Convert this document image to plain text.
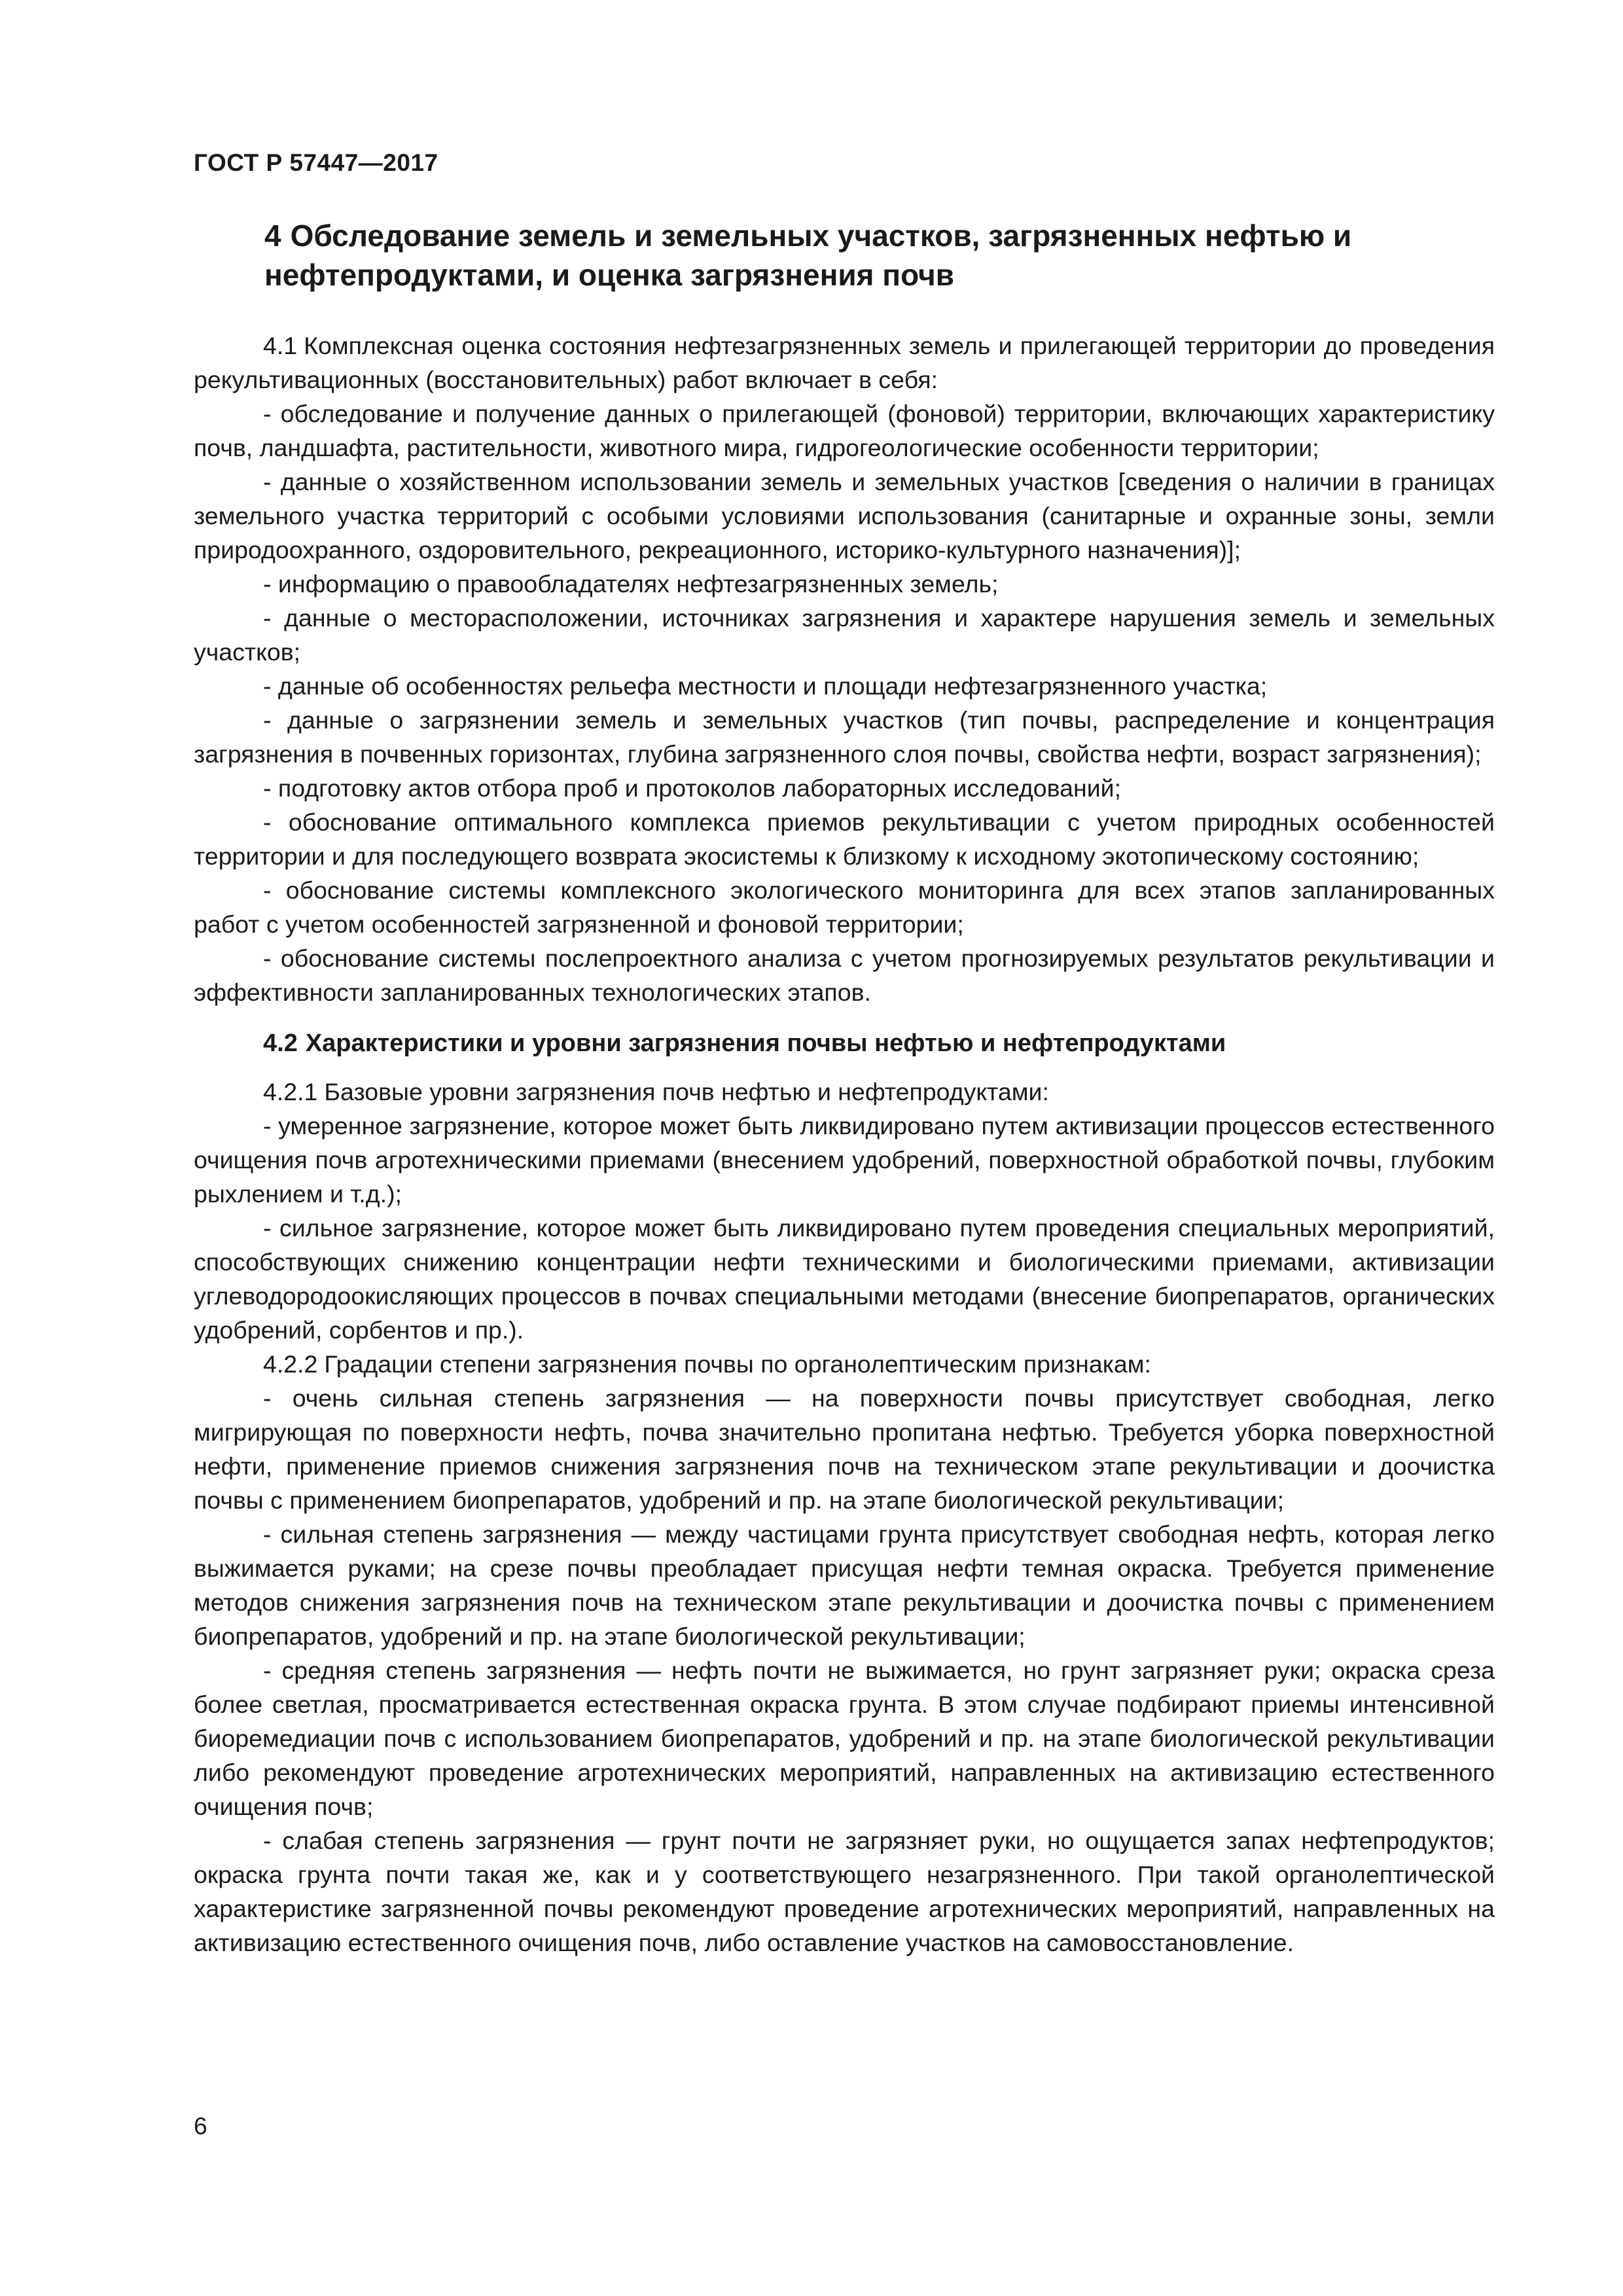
ГОСТ Р 57447—2017
4 Обследование земель и земельных участков, загрязненных нефтью и нефтепродуктами, и оценка загрязнения почв

4.1 Комплексная оценка состояния нефтезагрязненных земель и прилегающей территории до проведения рекультивационных (восстановительных) работ включает в себя:

- обследование и получение данных о прилегающей (фоновой) территории, включающих характеристику почв, ландшафта, растительности, животного мира, гидрогеологические особенности территории;

- данные о хозяйственном использовании земель и земельных участков [сведения о наличии в границах земельного участка территорий с особыми условиями использования (санитарные и охранные зоны, земли природоохранного, оздоровительного, рекреационного, историко-культурного назначения)];

- информацию о правообладателях нефтезагрязненных земель;

- данные о месторасположении, источниках загрязнения и характере нарушения земель и земельных участков;

- данные об особенностях рельефа местности и площади нефтезагрязненного участка;

- данные о загрязнении земель и земельных участков (тип почвы, распределение и концентрация загрязнения в почвенных горизонтах, глубина загрязненного слоя почвы, свойства нефти, возраст загрязнения);

- подготовку актов отбора проб и протоколов лабораторных исследований;

- обоснование оптимального комплекса приемов рекультивации с учетом природных особенностей территории и для последующего возврата экосистемы к близкому к исходному экотопическому состоянию;

- обоснование системы комплексного экологического мониторинга для всех этапов запланированных работ с учетом особенностей загрязненной и фоновой территории;

- обоснование системы послепроектного анализа с учетом прогнозируемых результатов рекультивации и эффективности запланированных технологических этапов.

4.2 Характеристики и уровни загрязнения почвы нефтью и нефтепродуктами

4.2.1 Базовые уровни загрязнения почв нефтью и нефтепродуктами:

- умеренное загрязнение, которое может быть ликвидировано путем активизации процессов естественного очищения почв агротехническими приемами (внесением удобрений, поверхностной обработкой почвы, глубоким рыхлением и т.д.);

- сильное загрязнение, которое может быть ликвидировано путем проведения специальных мероприятий, способствующих снижению концентрации нефти техническими и биологическими приемами, активизации углеводородоокисляющих процессов в почвах специальными методами (внесение биопрепаратов, органических удобрений, сорбентов и пр.).

4.2.2 Градации степени загрязнения почвы по органолептическим признакам:

- очень сильная степень загрязнения — на поверхности почвы присутствует свободная, легко мигрирующая по поверхности нефть, почва значительно пропитана нефтью. Требуется уборка поверхностной нефти, применение приемов снижения загрязнения почв на техническом этапе рекультивации и доочистка почвы с применением биопрепаратов, удобрений и пр. на этапе биологической рекультивации;

- сильная степень загрязнения — между частицами грунта присутствует свободная нефть, которая легко выжимается руками; на срезе почвы преобладает присущая нефти темная окраска. Требуется применение методов снижения загрязнения почв на техническом этапе рекультивации и доочистка почвы с применением биопрепаратов, удобрений и пр. на этапе биологической рекультивации;

- средняя степень загрязнения — нефть почти не выжимается, но грунт загрязняет руки; окраска среза более светлая, просматривается естественная окраска грунта. В этом случае подбирают приемы интенсивной биоремедиации почв с использованием биопрепаратов, удобрений и пр. на этапе биологической рекультивации либо рекомендуют проведение агротехнических мероприятий, направленных на активизацию естественного очищения почв;

- слабая степень загрязнения — грунт почти не загрязняет руки, но ощущается запах нефтепродуктов; окраска грунта почти такая же, как и у соответствующего незагрязненного. При такой органолептической характеристике загрязненной почвы рекомендуют проведение агротехнических мероприятий, направленных на активизацию естественного очищения почв, либо оставление участков на самовосстановление.

6
